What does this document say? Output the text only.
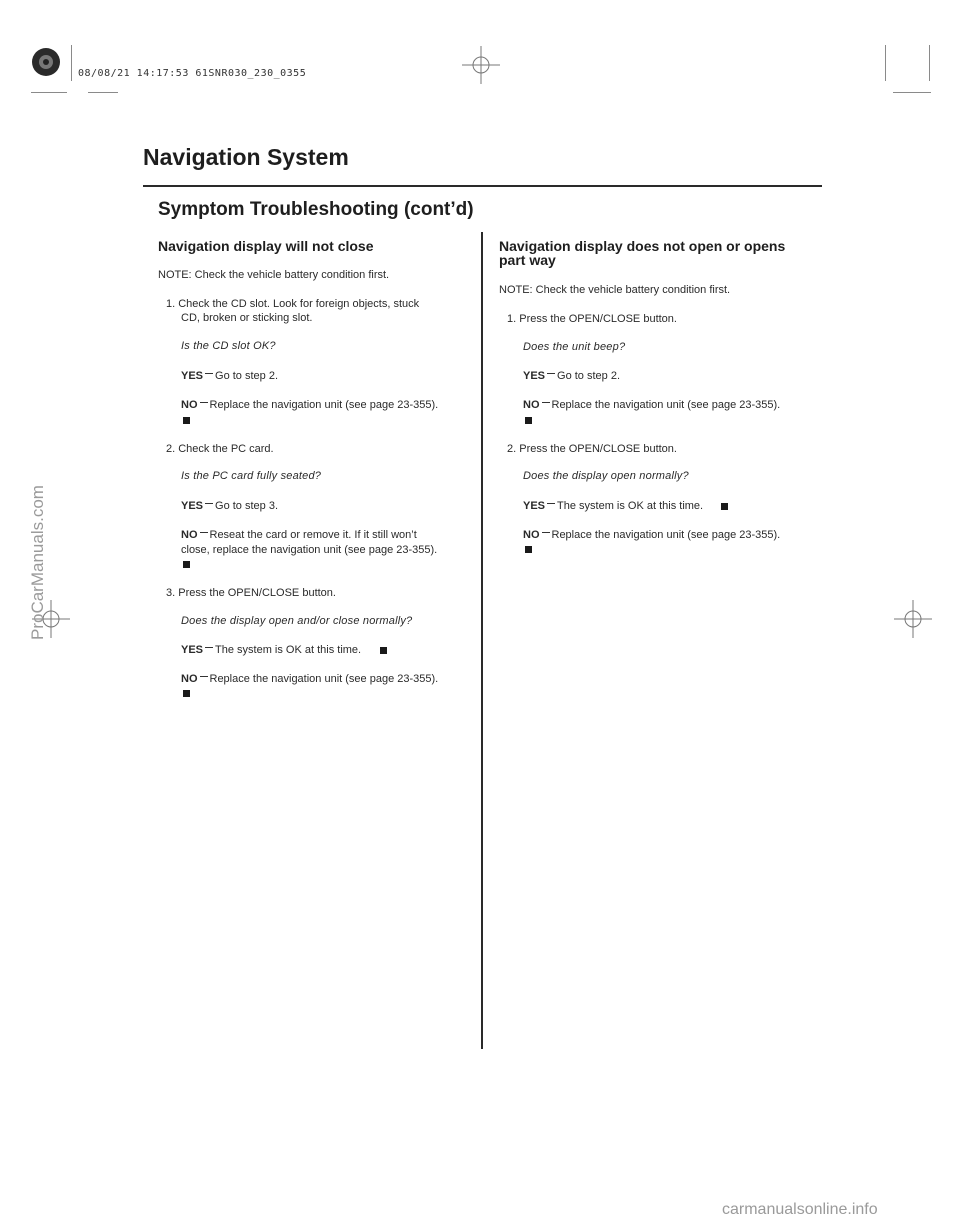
08/08/21 14:17:53 61SNR030_230_0355
Navigation System
Symptom Troubleshooting (cont’d)
Navigation display will not close
NOTE: Check the vehicle battery condition first.
1. Check the CD slot. Look for foreign objects, stuck
CD, broken or sticking slot.
Is the CD slot OK?
YES Go to step 2.
NO Replace the navigation unit (see page 23-355).
2. Check the PC card.
Is the PC card fully seated?
YES Go to step 3.
NO Reseat the card or remove it. If it still won’t
close, replace the navigation unit (see page 23-355).
3. Press the OPEN/CLOSE button.
Does the display open and/or close normally?
YES The system is OK at this time.
NO Replace the navigation unit (see page 23-355).
Navigation display does not open or opens
part way
NOTE: Check the vehicle battery condition first.
1. Press the OPEN/CLOSE button.
Does the unit beep?
YES Go to step 2.
NO Replace the navigation unit (see page 23-355).
2. Press the OPEN/CLOSE button.
Does the display open normally?
YES The system is OK at this time.
NO Replace the navigation unit (see page 23-355).
ProCarManuals.com
carmanualsonline.info
